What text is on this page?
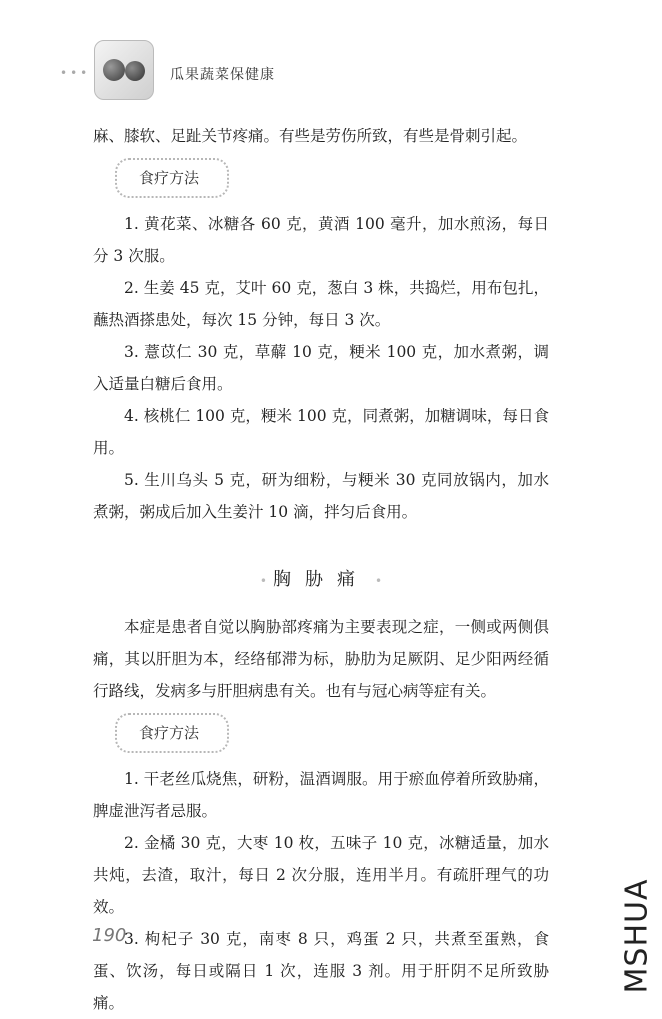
•••	瓜果蔬菜保健康

麻、膝软、足趾关节疼痛。有些是劳伤所致，有些是骨刺引起。

食疗方法

1. 黄花菜、冰糖各 60 克，黄酒 100 毫升，加水煎汤，每日分 3 次服。

2. 生姜 45 克，艾叶 60 克，葱白 3 株，共捣烂，用布包扎，蘸热酒搽患处，每次 15 分钟，每日 3 次。

3. 薏苡仁 30 克，草薢 10 克，粳米 100 克，加水煮粥，调入适量白糖后食用。

4. 核桃仁 100 克，粳米 100 克，同煮粥，加糖调味，每日食用。

5. 生川乌头 5 克，研为细粉，与粳米 30 克同放锅内，加水煮粥，粥成后加入生姜汁 10 滴，拌匀后食用。

• 胸胁痛 •

本症是患者自觉以胸胁部疼痛为主要表现之症，一侧或两侧俱痛，其以肝胆为本，经络郁滞为标，胁肋为足厥阴、足少阳两经循行路线，发病多与肝胆病患有关。也有与冠心病等症有关。

食疗方法

1. 干老丝瓜烧焦，研粉，温酒调服。用于瘀血停着所致胁痛，脾虚泄泻者忌服。

2. 金橘 30 克，大枣 10 枚，五味子 10 克，冰糖适量，加水共炖，去渣，取汁，每日 2 次分服，连用半月。有疏肝理气的功效。

3. 枸杞子 30 克，南枣 8 只，鸡蛋 2 只，共煮至蛋熟，食蛋、饮汤，每日或隔日 1 次，连服 3 剂。用于肝阴不足所致胁痛。

190	MSHUA
